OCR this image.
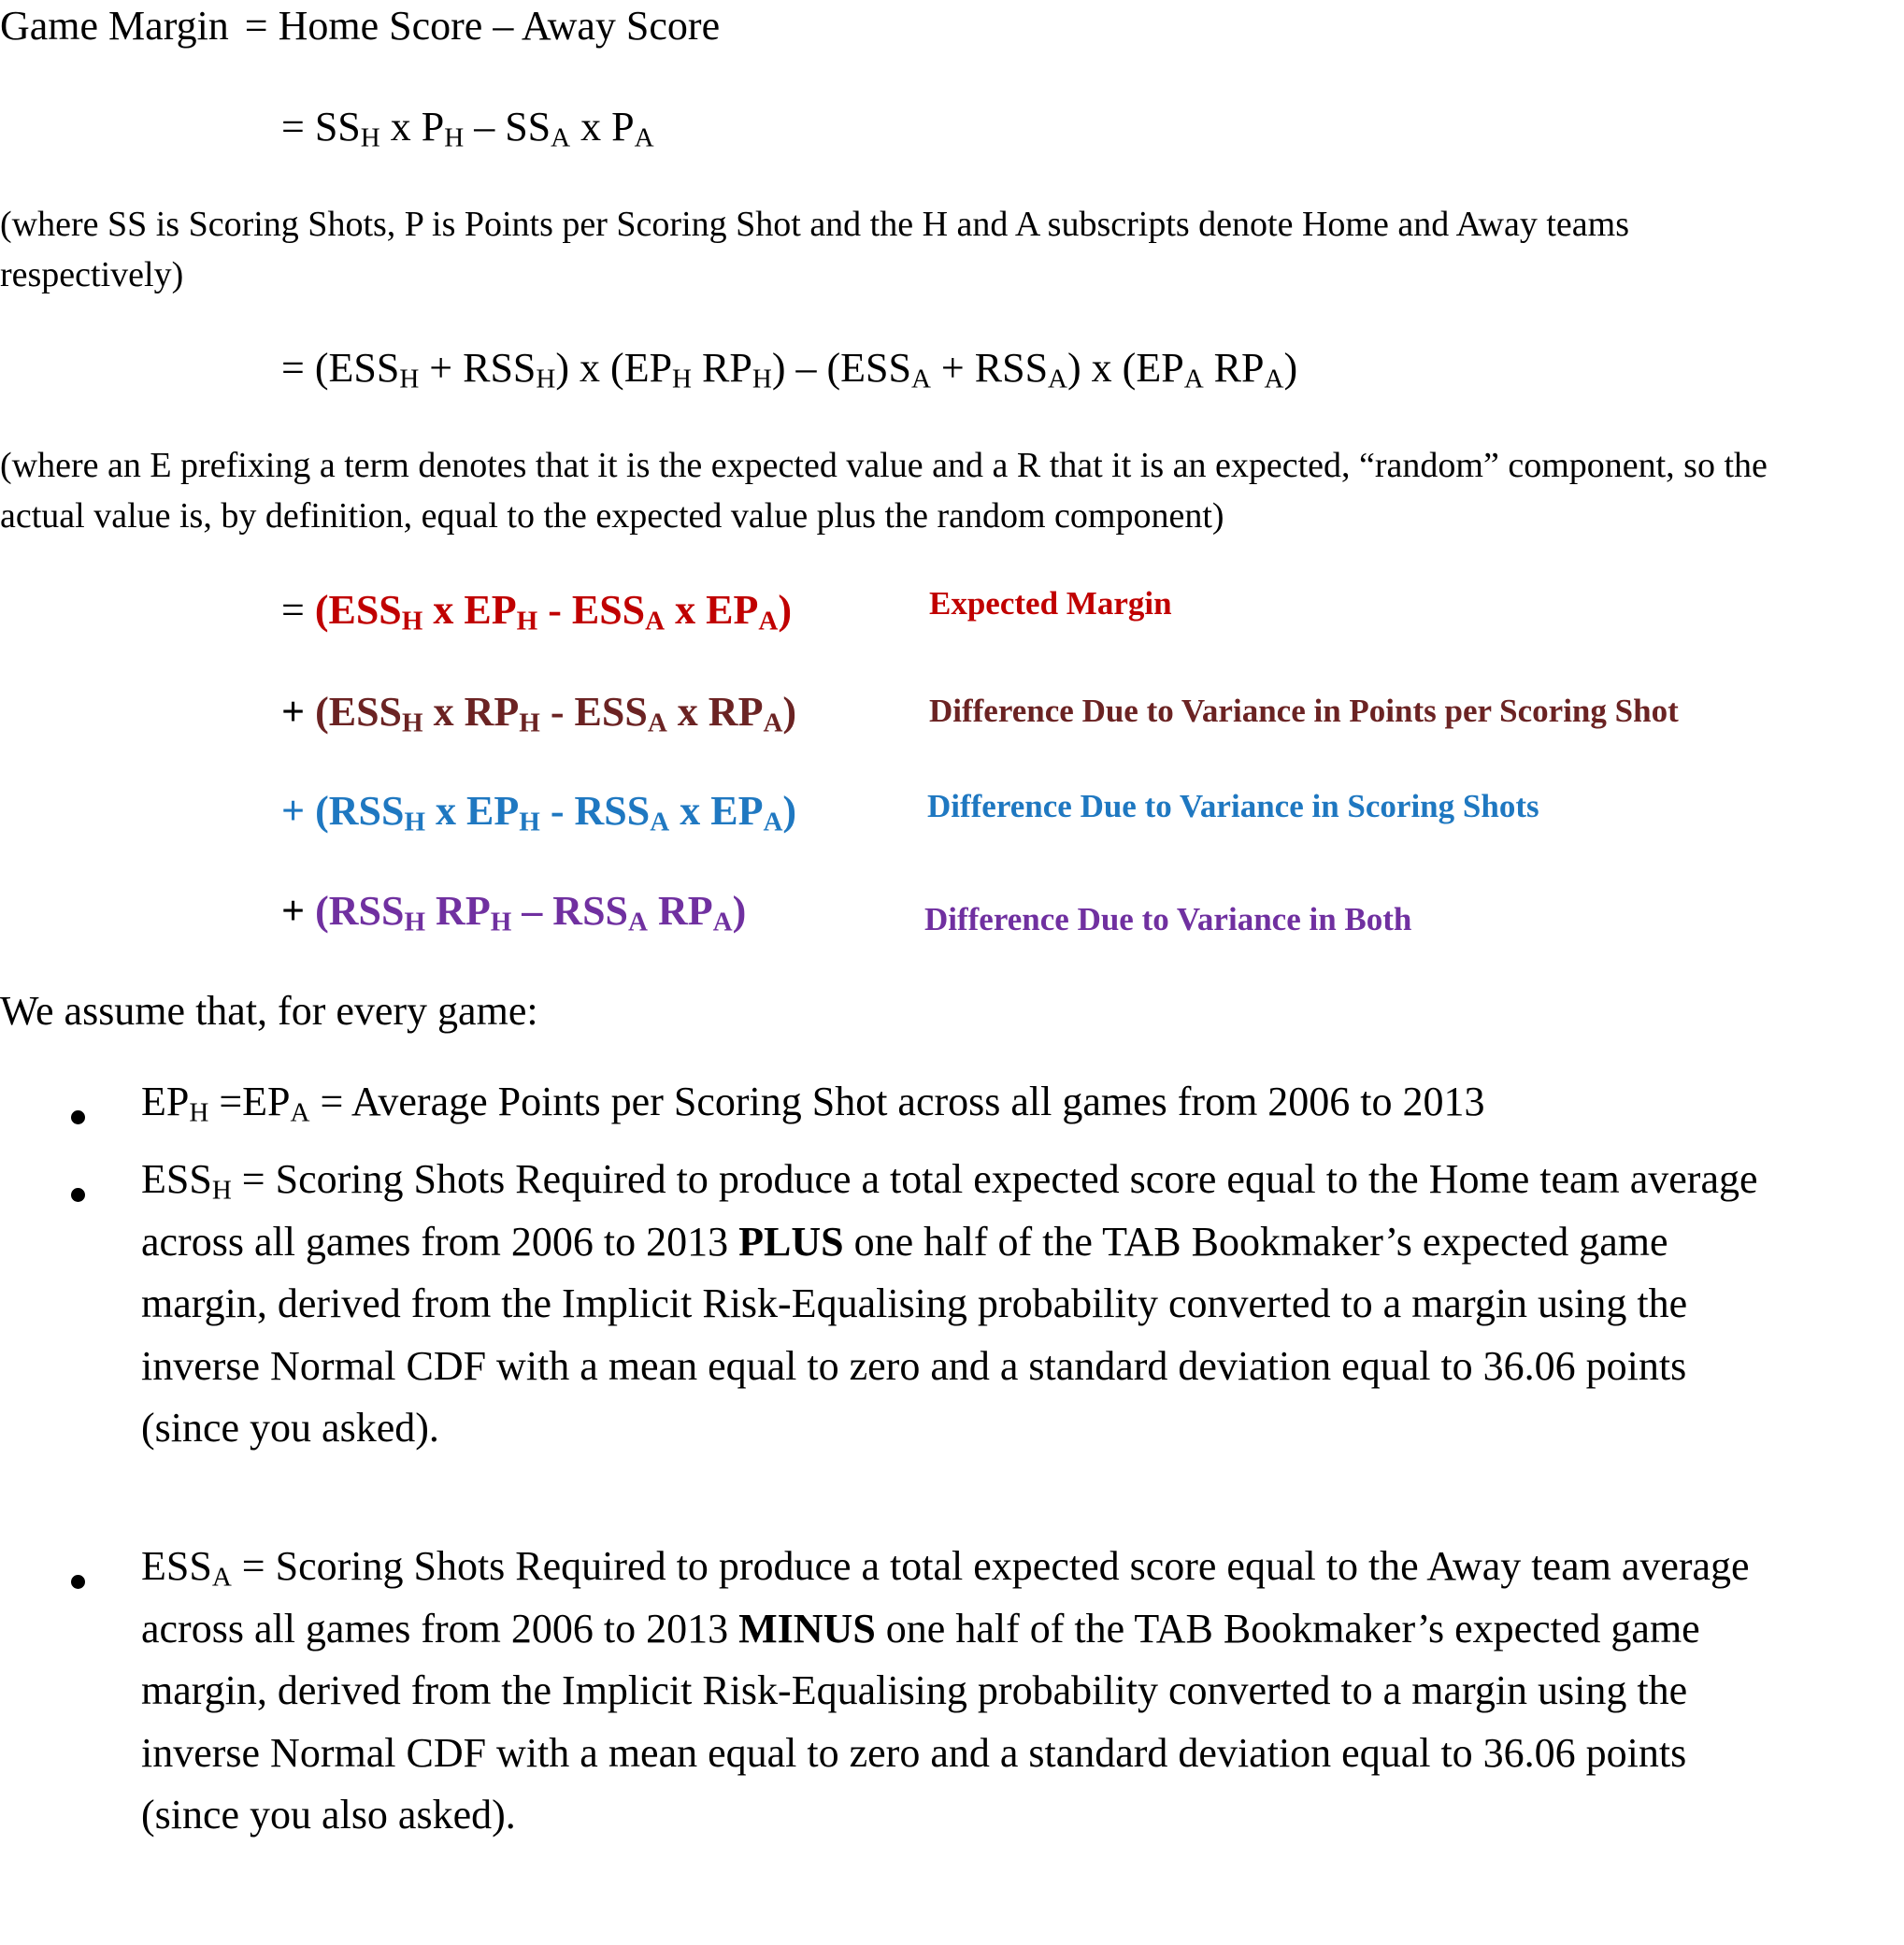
Game Margin = Home Score – Away Score
= $SS_H$ x $P_H - SS_A$ x $P_A$
(where SS is Scoring Shots, P is Points per Scoring Shot and the H and A subscripts denote Home and Away teams respectively)
= $(ESS_H + RSS_H)$ x ($EP_H$ $RP_H) - (ESS_A + RSS_A)$ x ($EP_A$ $RP_A$)
(where an E prefixing a term denotes that it is the expected value and a R that it is an expected, “random” component, so the actual value is, by definition, equal to the expected value plus the random component)
= ($ESS_H$ x $EP_H - ESS_A$ x $EP_A$)	Expected Margin
+ ($ESS_H$ x $RP_H - ESS_A$ x $RP_A$)	Difference Due to Variance in Points per Scoring Shot
+ ($RSS_H$ x $EP_H - RSS_A$ x $EP_A$)	Difference Due to Variance in Scoring Shots
+ ($RSS_H$ $RP_H - RSS_A$ $RP_A$)	Difference Due to Variance in Both
We assume that, for every game:
$EP_H =EP_A$ = Average Points per Scoring Shot across all games from 2006 to 2013
$ESS_H$ = Scoring Shots Required to produce a total expected score equal to the Home team average across all games from 2006 to 2013 PLUS one half of the TAB Bookmaker’s expected game margin, derived from the Implicit Risk-Equalising probability converted to a margin using the inverse Normal CDF with a mean equal to zero and a standard deviation equal to 36.06 points (since you asked).
$ESS_A$ = Scoring Shots Required to produce a total expected score equal to the Away team average across all games from 2006 to 2013 MINUS one half of the TAB Bookmaker’s expected game margin, derived from the Implicit Risk-Equalising probability converted to a margin using the inverse Normal CDF with a mean equal to zero and a standard deviation equal to 36.06 points (since you also asked).
